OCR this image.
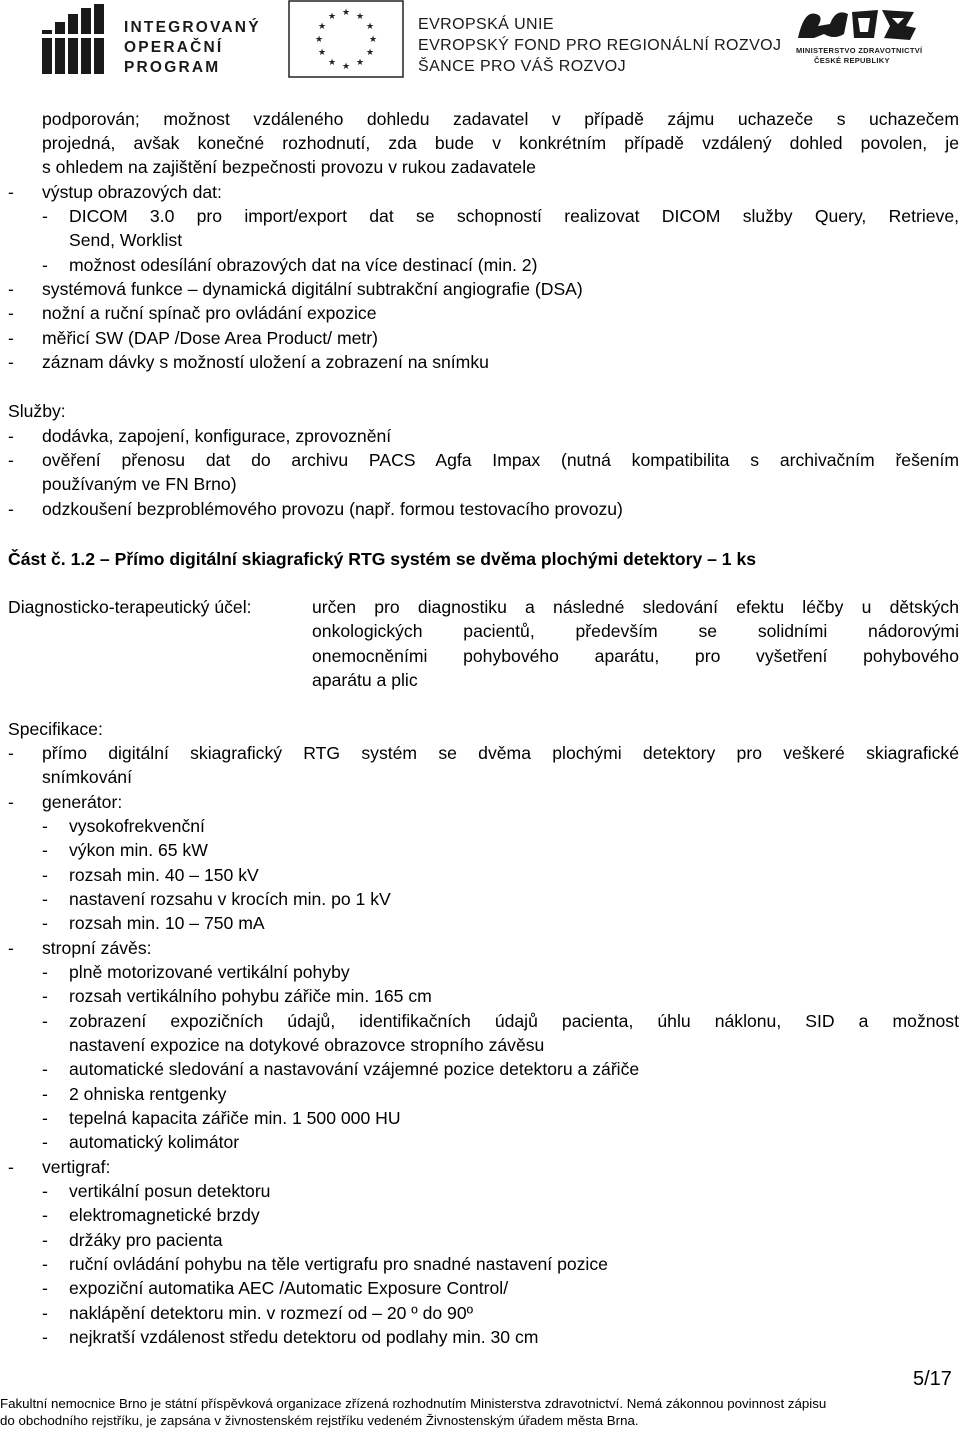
INTEGROVANÝ
OPERAČNÍ
PROGRAM
★ ★
★
★
★
★
★
★
★
★
★
★	EVROPSKÁ UNIE
EVROPSKÝ FOND PRO REGIONÁLNÍ ROZVOJ
ŠANCE PRO VÁŠ ROZVOJ
MINISTERSTVO ZDRAVOTNICTVÍ
ČESKÉ REPUBLIKY
podporován; možnost vzdáleného dohledu zadavatel v případě zájmu uchazeče s uchazečem
projedná, avšak konečné rozhodnutí, zda bude v konkrétním případě vzdálený dohled povolen, je
s ohledem na zajištění bezpečnosti provozu v rukou zadavatele
- výstup obrazových dat:
- DICOM 3.0 pro import/export dat se schopností realizovat DICOM služby Query, Retrieve,
Send, Worklist
- možnost odesílání obrazových dat na více destinací (min. 2)
- systémová funkce – dynamická digitální subtrakční angiografie (DSA)
- nožní a ruční spínač pro ovládání expozice
- měřicí SW (DAP /Dose Area Product/ metr)
- záznam dávky s možností uložení a zobrazení na snímku
Služby:
- dodávka, zapojení, konfigurace, zprovoznění
- ověření přenosu dat do archivu PACS Agfa Impax (nutná kompatibilita s archivačním řešením
používaným ve FN Brno)
- odzkoušení bezproblémového provozu (např. formou testovacího provozu)
Část č. 1.2 – Přímo digitální skiagrafický RTG systém se dvěma plochými detektory – 1 ks
Diagnosticko-terapeutický účel:	určen pro diagnostiku a následné sledování efektu léčby u dětských
onkologických pacientů, především se solidními nádorovými
onemocněními pohybového aparátu, pro vyšetření pohybového
aparátu a plic
Specifikace:
- přímo digitální skiagrafický RTG systém se dvěma plochými detektory pro veškeré skiagrafické
snímkování
- generátor:
- vysokofrekvenční
- výkon min. 65 kW
- rozsah min. 40 – 150 kV
- nastavení rozsahu v krocích min. po 1 kV
- rozsah min. 10 – 750 mA
- stropní závěs:
- plně motorizované vertikální pohyby
- rozsah vertikálního pohybu zářiče min. 165 cm
- zobrazení expozičních údajů, identifikačních údajů pacienta, úhlu náklonu, SID a možnost
nastavení expozice na dotykové obrazovce stropního závěsu
- automatické sledování a nastavování vzájemné pozice detektoru a zářiče
- 2 ohniska rentgenky
- tepelná kapacita zářiče min. 1 500 000 HU
- automatický kolimátor
- vertigraf:
- vertikální posun detektoru
- elektromagnetické brzdy
- držáky pro pacienta
- ruční ovládání pohybu na těle vertigrafu pro snadné nastavení pozice
- expoziční automatika AEC /Automatic Exposure Control/
- naklápění detektoru min. v rozmezí od – 20 º do 90º
- nejkratší vzdálenost středu detektoru od podlahy min. 30 cm
5/17
Fakultní nemocnice Brno je státní příspěvková organizace zřízená rozhodnutím Ministerstva zdravotnictví. Nemá zákonnou povinnost zápisu
do obchodního rejstříku, je zapsána v živnostenském rejstříku vedeném Živnostenským úřadem města Brna.
